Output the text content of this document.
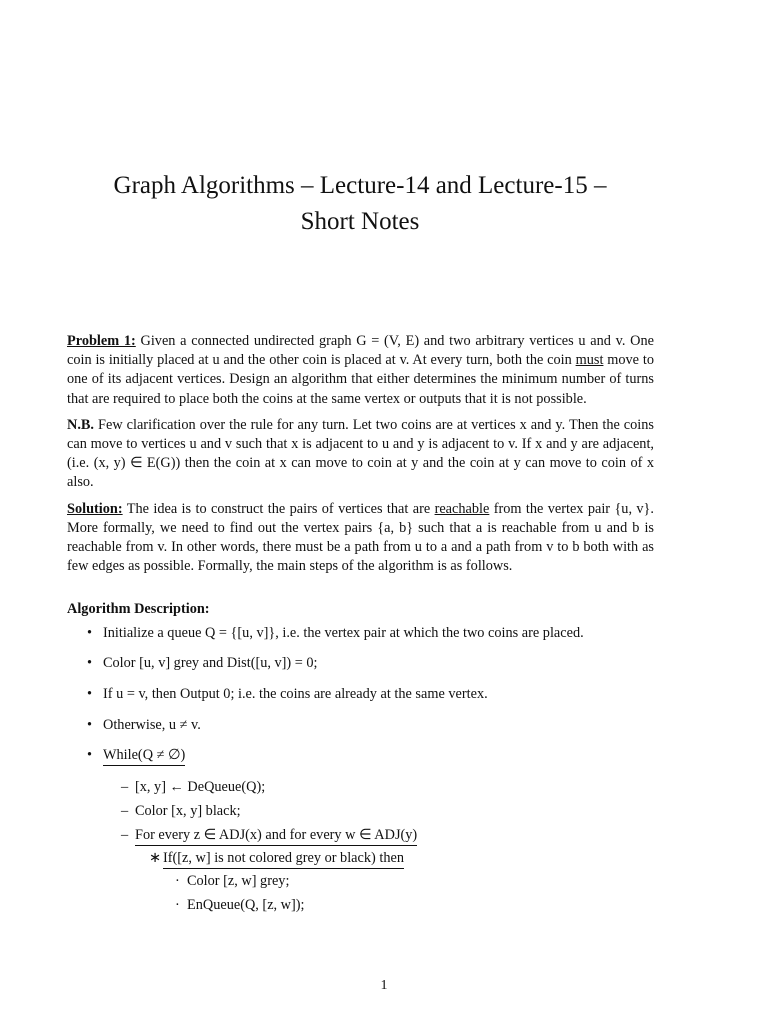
Graph Algorithms – Lecture-14 and Lecture-15 –
Short Notes

Problem 1: Given a connected undirected graph G = (V, E) and two arbitrary vertices u and v. One coin is initially placed at u and the other coin is placed at v. At every turn, both the coin must move to one of its adjacent vertices. Design an algorithm that either determines the minimum number of turns that are required to place both the coins at the same vertex or outputs that it is not possible.

N.B. Few clarification over the rule for any turn. Let two coins are at vertices x and y. Then the coins can move to vertices u and v such that x is adjacent to u and y is adjacent to v. If x and y are adjacent, (i.e. (x, y) ∈ E(G)) then the coin at x can move to coin at y and the coin at y can move to coin of x also.

Solution: The idea is to construct the pairs of vertices that are reachable from the vertex pair {u, v}. More formally, we need to find out the vertex pairs {a, b} such that a is reachable from u and b is reachable from v. In other words, there must be a path from u to a and a path from v to b both with as few edges as possible. Formally, the main steps of the algorithm is as follows.

Algorithm Description:
• Initialize a queue Q = {[u, v]}, i.e. the vertex pair at which the two coins are placed.
• Color [u, v] grey and Dist([u, v]) = 0;
• If u = v, then Output 0; i.e. the coins are already at the same vertex.
• Otherwise, u ≠ v.
• While(Q ≠ ∅)
– [x, y] ← DeQueue(Q);
– Color [x, y] black;
– For every z ∈ ADJ(x) and for every w ∈ ADJ(y)
∗ If([z, w] is not colored grey or black) then
· Color [z, w] grey;
· EnQueue(Q, [z, w]);
1
